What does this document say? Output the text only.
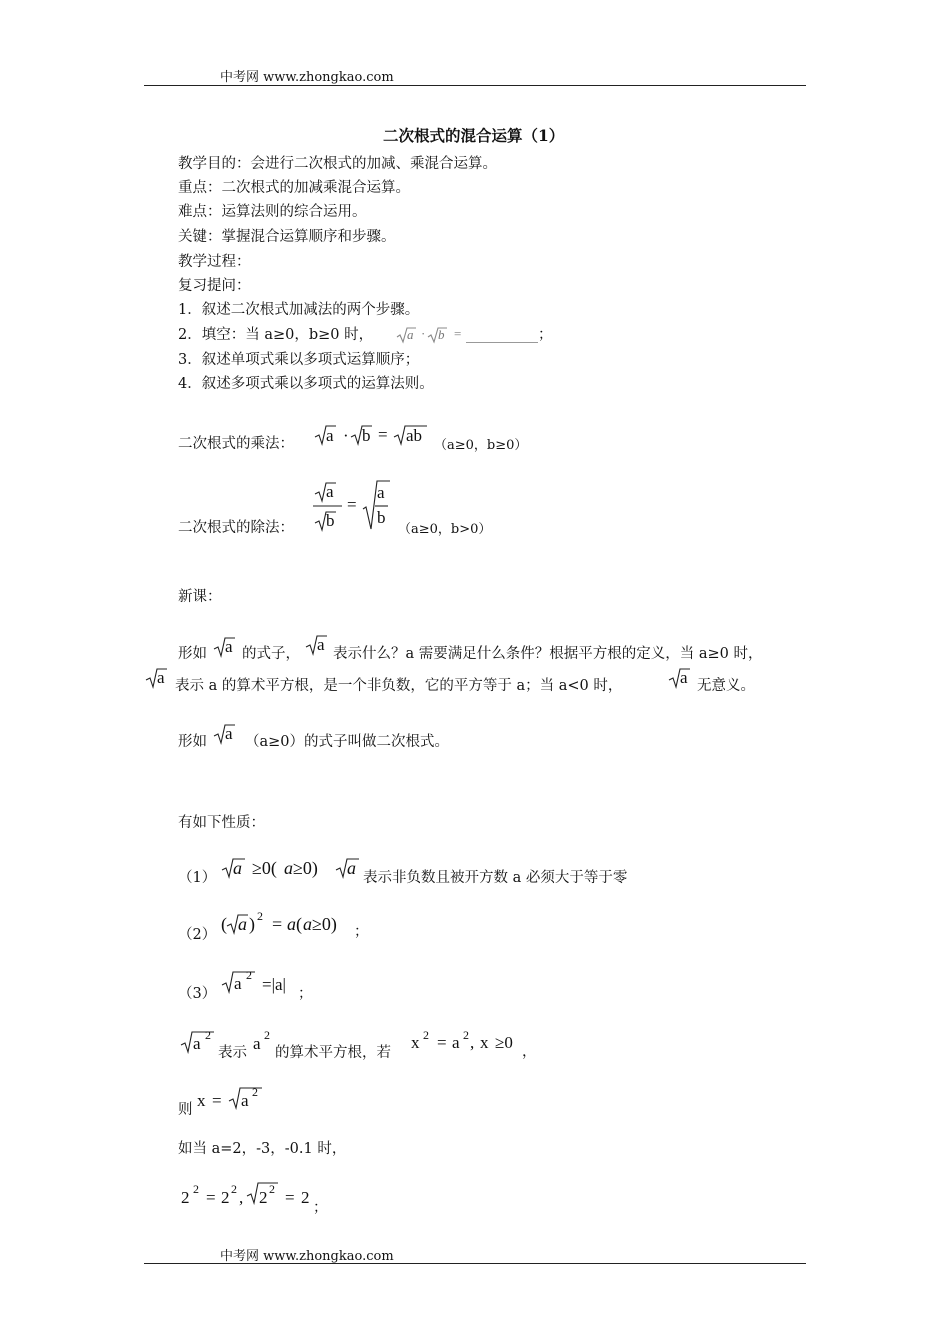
中考网 www.zhongkao.com
二次根式的混合运算（1）
教学目的：会进行二次根式的加减、乘混合运算。
重点：二次根式的加减乘混合运算。
难点：运算法则的综合运用。
关键：掌握混合运算顺序和步骤。
教学过程：
复习提问：
1．叙述二次根式加减法的两个步骤。
2．填空：当 a≥0，b≥0 时，	a · b =	；
3．叙述单项式乘以多项式运算顺序；
4．叙述多项式乘以多项式的运算法则。
二次根式的乘法： a · b = ab
（a≥0，b≥0）
二次根式的除法：
a
b
=
a
b
（a≥0，b>0）
新课：
形如 a 的式子， a 表示什么？a 需要满足什么条件？根据平方根的定义，当 a≥0 时，
a 表示 a 的算术平方根，是一个非负数，它的平方等于 a；当 a<0 时，	a 无意义。
形如 a （a≥0）的式子叫做二次根式。
有如下性质：
（1） a ≥0( a ≥0) a 表示非负数且被开方数 a 必须大于等于零
（2）
( a ) 2 = a ( a ≥0) ；
（3）
a 2 =|a| ；
a 2
表示 a 2
的算术平方根，若
x 2 = a 2 , x ≥0 ，
则 x = a 2
如当 a=2，-3，-0.1 时，
2 2 = 2 2 , 2 2 = 2
；
中考网 www.zhongkao.com
